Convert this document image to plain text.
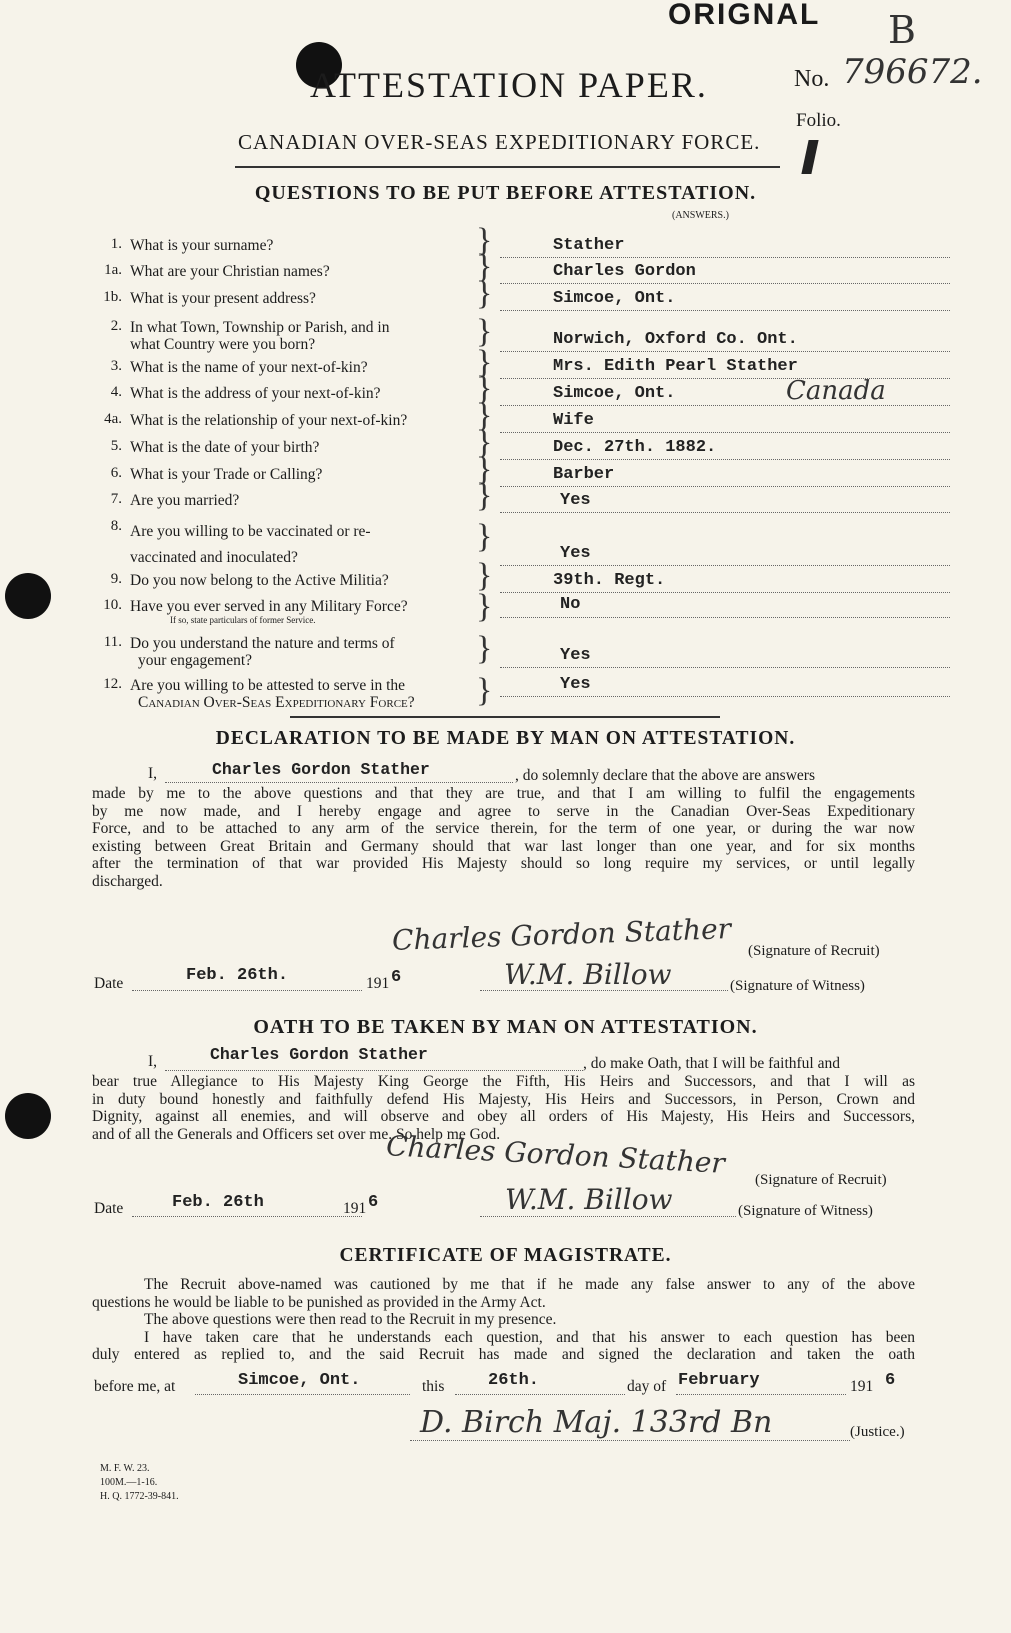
ORIGNAL B
ATTESTATION PAPER.	No. 796672.
CANADIAN OVER-SEAS EXPEDITIONARY FORCE.
Folio.
QUESTIONS TO BE PUT BEFORE ATTESTATION.
(ANSWERS.)
1. What is your surname?	}	Stather
1a. What are your Christian names?	}	Charles Gordon
1b. What is your present address?	}	Simcoe, Ont.
2. In what Town, Township or Parish, and in
what Country were you born?	}	Norwich, Oxford Co. Ont.
3. What is the name of your next-of-kin?	}	Mrs. Edith Pearl Stather
4. What is the address of your next-of-kin?	}	Simcoe, Ont.	Canada
4a. What is the relationship of your next-of-kin? }	Wife
5. What is the date of your birth?	}	Dec. 27th. 1882.
6. What is your Trade or Calling?	}	Barber
7. Are you married?	}	Yes
8. Are you willing to be vaccinated or re-
vaccinated and inoculated?
}	Yes
9. Do you now belong to the Active Militia?	}	39th. Regt.
10. Have you ever served in any Military Force?
If so, state particulars of former Service.	}	No
11. Do you understand the nature and terms of
your engagement?	}	Yes
12. Are you willing to be attested to serve in the
Canadian Over-Seas Expeditionary Force? }	Yes
DECLARATION TO BE MADE BY MAN ON ATTESTATION.
I,	Charles Gordon Stather	, do solemnly declare that the above are answers
made by me to the above questions and that they are true, and that I am willing to fulfil the engagements
by me now made, and I hereby engage and agree to serve in the Canadian Over-Seas Expeditionary
Force, and to be attached to any arm of the service therein, for the term of one year, or during the war now
existing between Great Britain and Germany should that war last longer than one year, and for six months
after the termination of that war provided His Majesty should so long require my services, or until legally
discharged.
Charles Gordon Stather (Signature of Recruit)
Date	Feb. 26th.	191 6	W.M. Billow	(Signature of Witness)
OATH TO BE TAKEN BY MAN ON ATTESTATION.
I,	Charles Gordon Stather	, do make Oath, that I will be faithful and
bear true Allegiance to His Majesty King George the Fifth, His Heirs and Successors, and that I will as
in duty bound honestly and faithfully defend His Majesty, His Heirs and Successors, in Person, Crown and
Dignity, against all enemies, and will observe and obey all orders of His Majesty, His Heirs and Successors,
and of all the Generals and Officers set over me. So help me God.
Charles Gordon Stather
(Signature of Recruit)
Date	Feb. 26th	191 6	W.M. Billow	(Signature of Witness)
CERTIFICATE OF MAGISTRATE.
The Recruit above-named was cautioned by me that if he made any false answer to any of the above
questions he would be liable to be punished as provided in the Army Act.
The above questions were then read to the Recruit in my presence.
I have taken care that he understands each question, and that his answer to each question has been
duly entered as replied to, and the said Recruit has made and signed the declaration and taken the oath
before me, at	Simcoe, Ont.	this	26th.	day of February	191 6
D. Birch Maj. 133rd Bn	(Justice.)
M. F. W. 23.
100M.—1-16.
H. Q. 1772-39-841.
